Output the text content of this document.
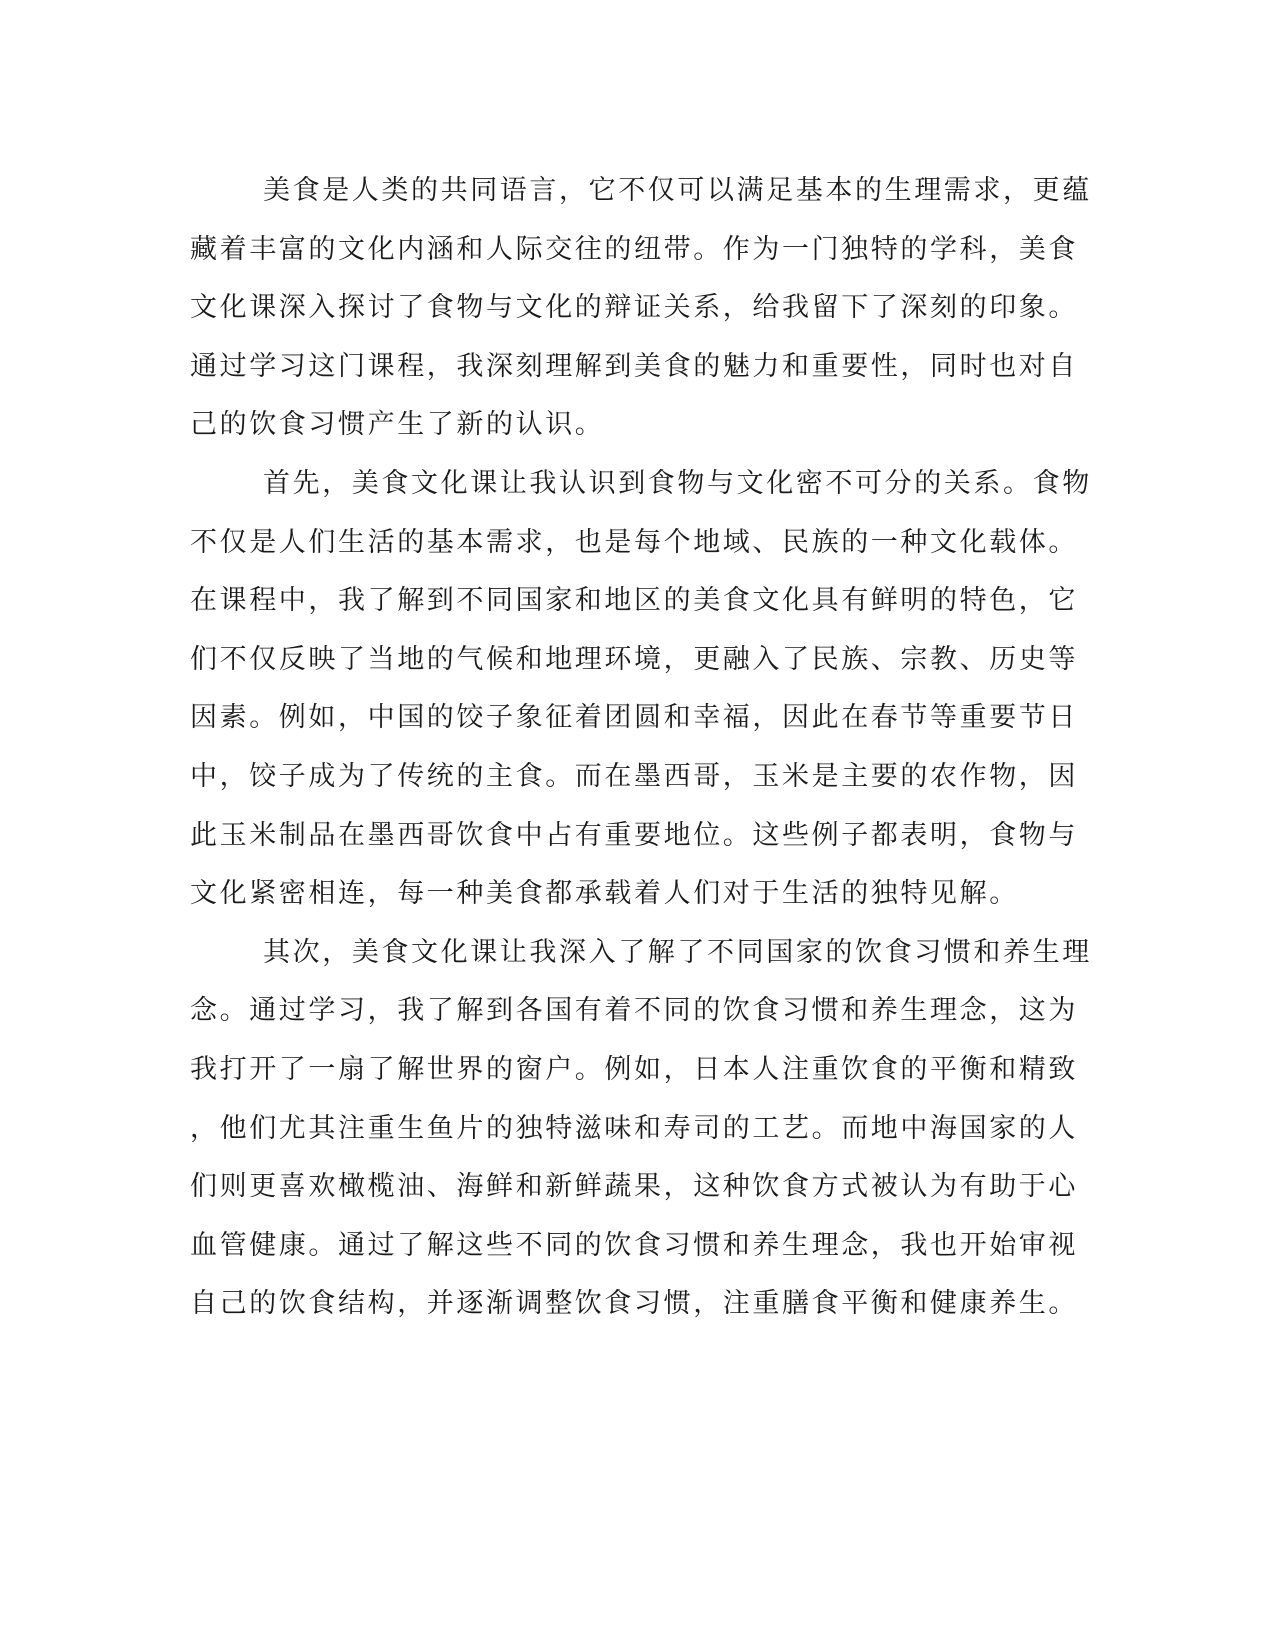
美食是人类的共同语言，它不仅可以满足基本的生理需求，更蕴
藏着丰富的文化内涵和人际交往的纽带。作为一门独特的学科，美食
文化课深入探讨了食物与文化的辩证关系，给我留下了深刻的印象。
通过学习这门课程，我深刻理解到美食的魅力和重要性，同时也对自
己的饮食习惯产生了新的认识。
首先，美食文化课让我认识到食物与文化密不可分的关系。食物
不仅是人们生活的基本需求，也是每个地域、民族的一种文化载体。
在课程中，我了解到不同国家和地区的美食文化具有鲜明的特色，它
们不仅反映了当地的气候和地理环境，更融入了民族、宗教、历史等
因素。例如，中国的饺子象征着团圆和幸福，因此在春节等重要节日
中，饺子成为了传统的主食。而在墨西哥，玉米是主要的农作物，因
此玉米制品在墨西哥饮食中占有重要地位。这些例子都表明，食物与
文化紧密相连，每一种美食都承载着人们对于生活的独特见解。
其次，美食文化课让我深入了解了不同国家的饮食习惯和养生理
念。通过学习，我了解到各国有着不同的饮食习惯和养生理念，这为
我打开了一扇了解世界的窗户。例如，日本人注重饮食的平衡和精致
，他们尤其注重生鱼片的独特滋味和寿司的工艺。而地中海国家的人
们则更喜欢橄榄油、海鲜和新鲜蔬果，这种饮食方式被认为有助于心
血管健康。通过了解这些不同的饮食习惯和养生理念，我也开始审视
自己的饮食结构，并逐渐调整饮食习惯，注重膳食平衡和健康养生。
